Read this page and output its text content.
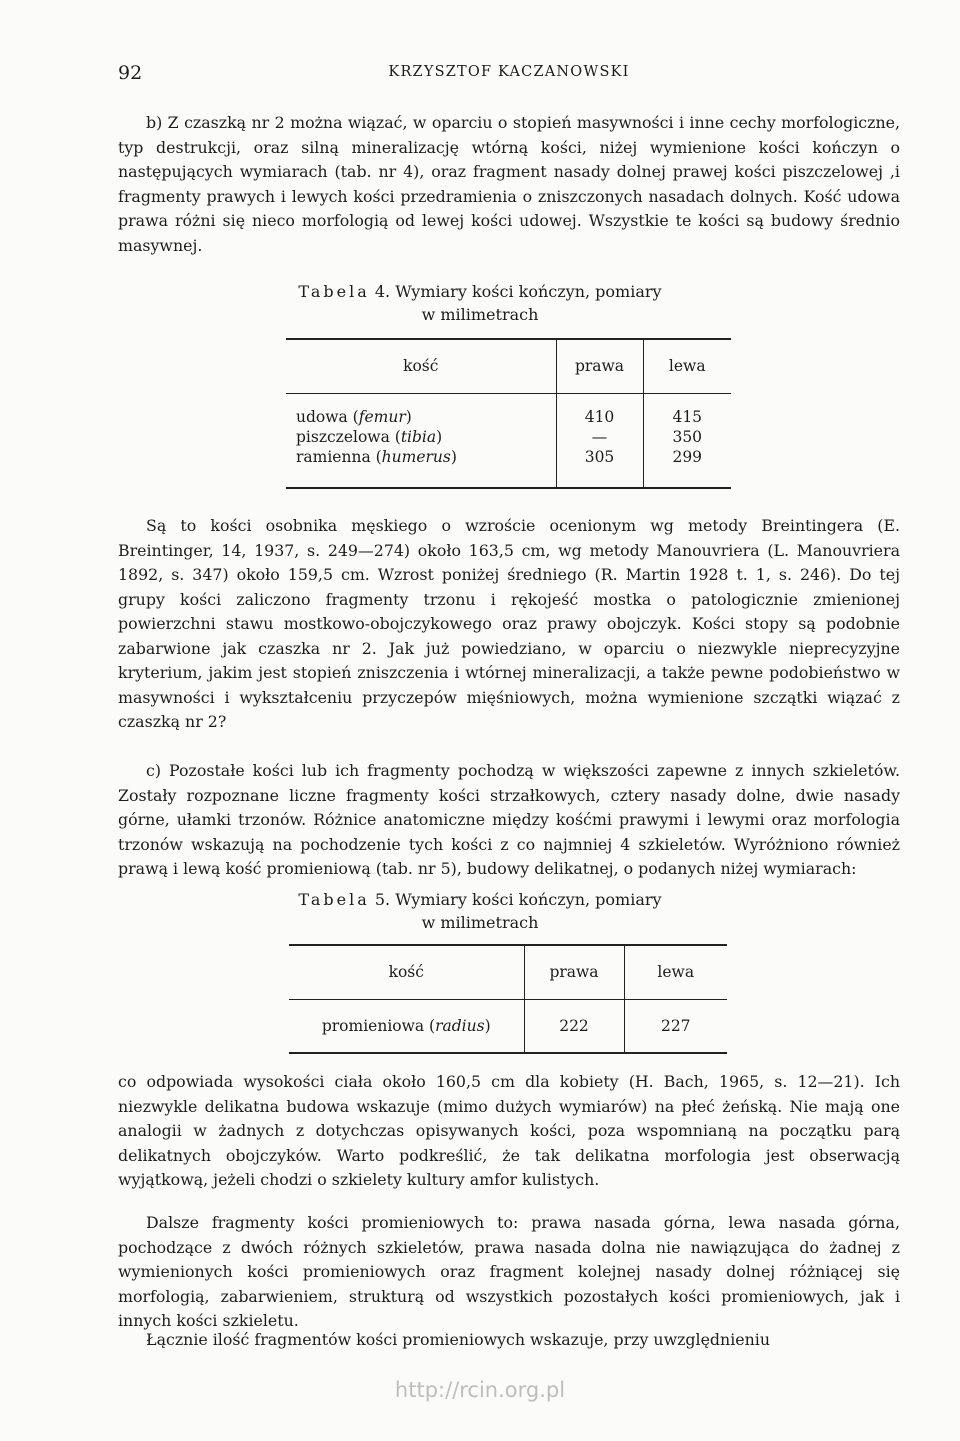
92	KRZYSZTOF KACZANOWSKI

b) Z czaszką nr 2 można wiązać, w oparciu o stopień masywności i inne cechy morfologiczne, typ destrukcji, oraz silną mineralizację wtórną kości, niżej wymienione kości kończyn o następujących wymiarach (tab. nr 4), oraz fragment nasady dolnej prawej kości piszczelowej ,i fragmenty prawych i lewych kości przedramienia o zniszczonych nasadach dolnych. Kość udowa prawa różni się nieco morfologią od lewej kości udowej. Wszystkie te kości są budowy średnio masywnej.

Tabela 4. Wymiary kości kończyn, pomiary
w milimetrach
kość	prawa	lewa
udowa (femur)	410	415
piszczelowa (tibia)	—	350
ramienna (humerus)	305	299

Są to kości osobnika męskiego o wzroście ocenionym wg metody Breintingera (E. Breintinger, 14, 1937, s. 249—274) około 163,5 cm, wg metody Manouvriera (L. Manouvriera 1892, s. 347) około 159,5 cm. Wzrost poniżej średniego (R. Martin 1928 t. 1, s. 246). Do tej grupy kości zaliczono fragmenty trzonu i rękojeść mostka o patologicznie zmienionej powierzchni stawu mostkowo-obojczykowego oraz prawy obojczyk. Kości stopy są podobnie zabarwione jak czaszka nr 2. Jak już powiedziano, w oparciu o niezwykle nieprecyzyjne kryterium, jakim jest stopień zniszczenia i wtórnej mineralizacji, a także pewne podobieństwo w masywności i wykształceniu przyczepów mięśniowych, można wymienione szczątki wiązać z czaszką nr 2?

c) Pozostałe kości lub ich fragmenty pochodzą w większości zapewne z innych szkieletów. Zostały rozpoznane liczne fragmenty kości strzałkowych, cztery nasady dolne, dwie nasady górne, ułamki trzonów. Różnice anatomiczne między kośćmi prawymi i lewymi oraz morfologia trzonów wskazują na pochodzenie tych kości z co najmniej 4 szkieletów. Wyróżniono również prawą i lewą kość promieniową (tab. nr 5), budowy delikatnej, o podanych niżej wymiarach:

Tabela 5. Wymiary kości kończyn, pomiary
w milimetrach
kość	prawa	lewa
promieniowa (radius)	222	227

co odpowiada wysokości ciała około 160,5 cm dla kobiety (H. Bach, 1965, s. 12—21). Ich niezwykle delikatna budowa wskazuje (mimo dużych wymiarów) na płeć żeńską. Nie mają one analogii w żadnych z dotychczas opisywanych kości, poza wspomnianą na początku parą delikatnych obojczyków. Warto podkreślić, że tak delikatna morfologia jest obserwacją wyjątkową, jeżeli chodzi o szkielety kultury amfor kulistych.

Dalsze fragmenty kości promieniowych to: prawa nasada górna, lewa nasada górna, pochodzące z dwóch różnych szkieletów, prawa nasada dolna nie nawiązująca do żadnej z wymienionych kości promieniowych oraz fragment kolejnej nasady dolnej różniącej się morfologią, zabarwieniem, strukturą od wszystkich pozostałych kości promieniowych, jak i innych kości szkieletu.

Łącznie ilość fragmentów kości promieniowych wskazuje, przy uwzględnieniu

http://rcin.org.pl
